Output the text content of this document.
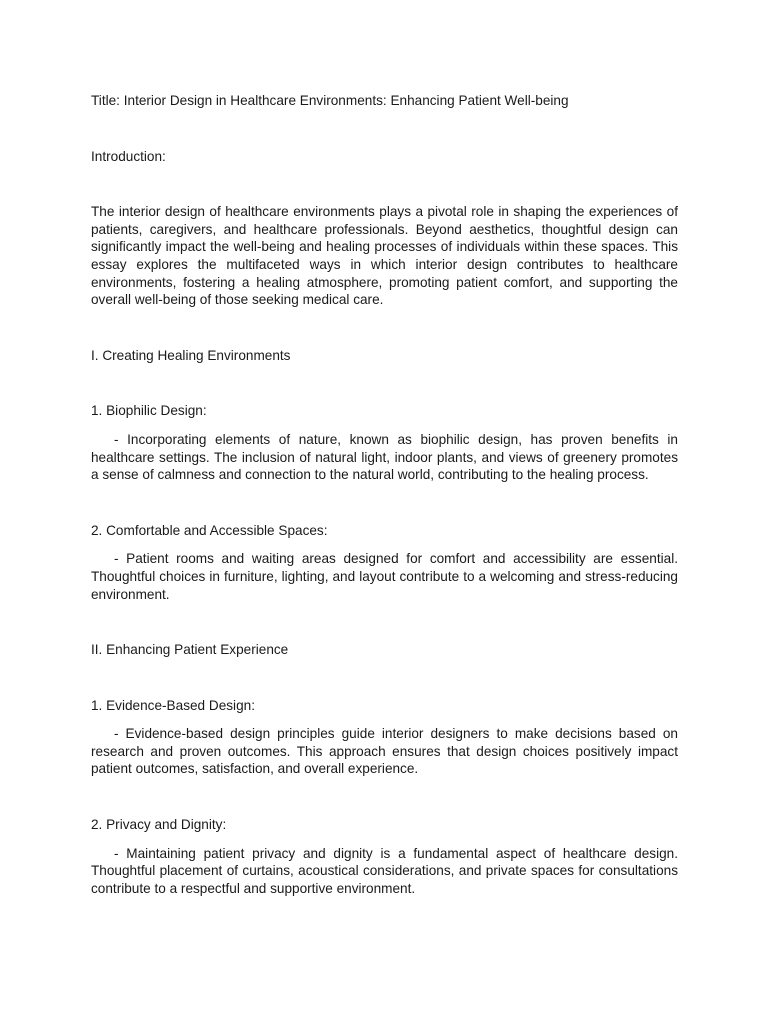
Title: Interior Design in Healthcare Environments: Enhancing Patient Well-being

Introduction:

The interior design of healthcare environments plays a pivotal role in shaping the experiences of patients, caregivers, and healthcare professionals. Beyond aesthetics, thoughtful design can significantly impact the well-being and healing processes of individuals within these spaces. This essay explores the multifaceted ways in which interior design contributes to healthcare environments, fostering a healing atmosphere, promoting patient comfort, and supporting the overall well-being of those seeking medical care.

I. Creating Healing Environments

1. Biophilic Design:

- Incorporating elements of nature, known as biophilic design, has proven benefits in healthcare settings. The inclusion of natural light, indoor plants, and views of greenery promotes a sense of calmness and connection to the natural world, contributing to the healing process.

2. Comfortable and Accessible Spaces:

- Patient rooms and waiting areas designed for comfort and accessibility are essential. Thoughtful choices in furniture, lighting, and layout contribute to a welcoming and stress-reducing environment.

II. Enhancing Patient Experience

1. Evidence-Based Design:

- Evidence-based design principles guide interior designers to make decisions based on research and proven outcomes. This approach ensures that design choices positively impact patient outcomes, satisfaction, and overall experience.

2. Privacy and Dignity:

- Maintaining patient privacy and dignity is a fundamental aspect of healthcare design. Thoughtful placement of curtains, acoustical considerations, and private spaces for consultations contribute to a respectful and supportive environment.
